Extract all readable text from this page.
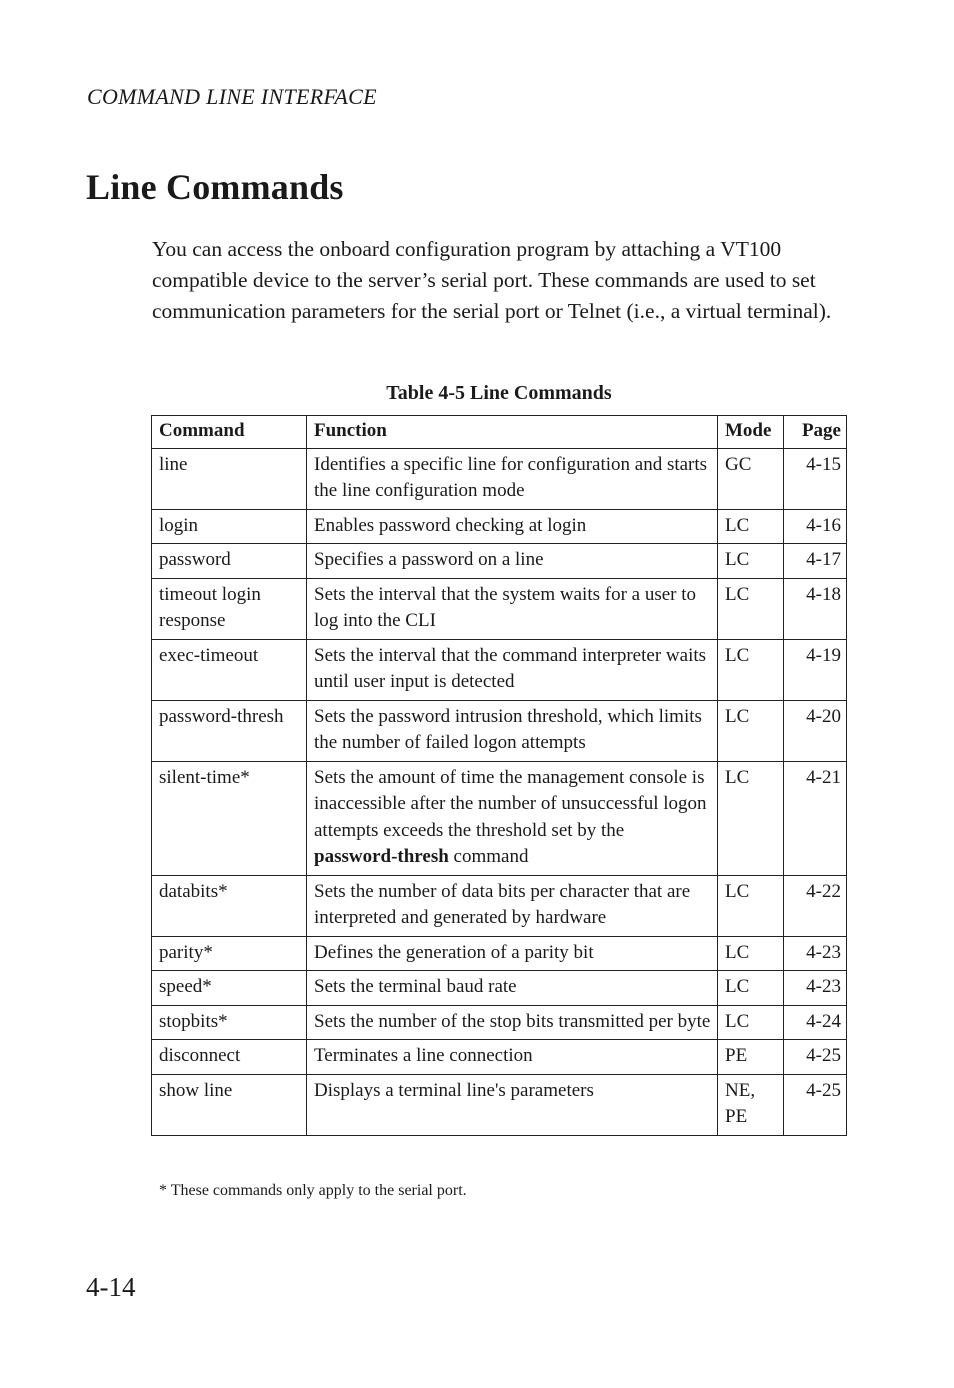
COMMAND LINE INTERFACE
Line Commands

You can access the onboard configuration program by attaching a VT100 compatible device to the server’s serial port. These commands are used to set communication parameters for the serial port or Telnet (i.e., a virtual terminal).

Table 4-5 Line Commands
Command	Function	Mode	Page
line	Identifies a specific line for configuration and starts the line configuration mode	GC	4-15
login	Enables password checking at login	LC	4-16
password	Specifies a password on a line	LC	4-17
timeout login response	Sets the interval that the system waits for a user to log into the CLI	LC	4-18
exec-timeout	Sets the interval that the command interpreter waits until user input is detected	LC	4-19
password-thresh	Sets the password intrusion threshold, which limits the number of failed logon attempts	LC	4-20
silent-time*	Sets the amount of time the management console is inaccessible after the number of unsuccessful logon attempts exceeds the threshold set by the password-thresh command	LC	4-21
databits*	Sets the number of data bits per character that are interpreted and generated by hardware	LC	4-22
parity*	Defines the generation of a parity bit	LC	4-23
speed*	Sets the terminal baud rate	LC	4-23
stopbits*	Sets the number of the stop bits transmitted per byte	LC	4-24
disconnect	Terminates a line connection	PE	4-25
show line	Displays a terminal line's parameters	NE, PE	4-25
* These commands only apply to the serial port.
4-14
